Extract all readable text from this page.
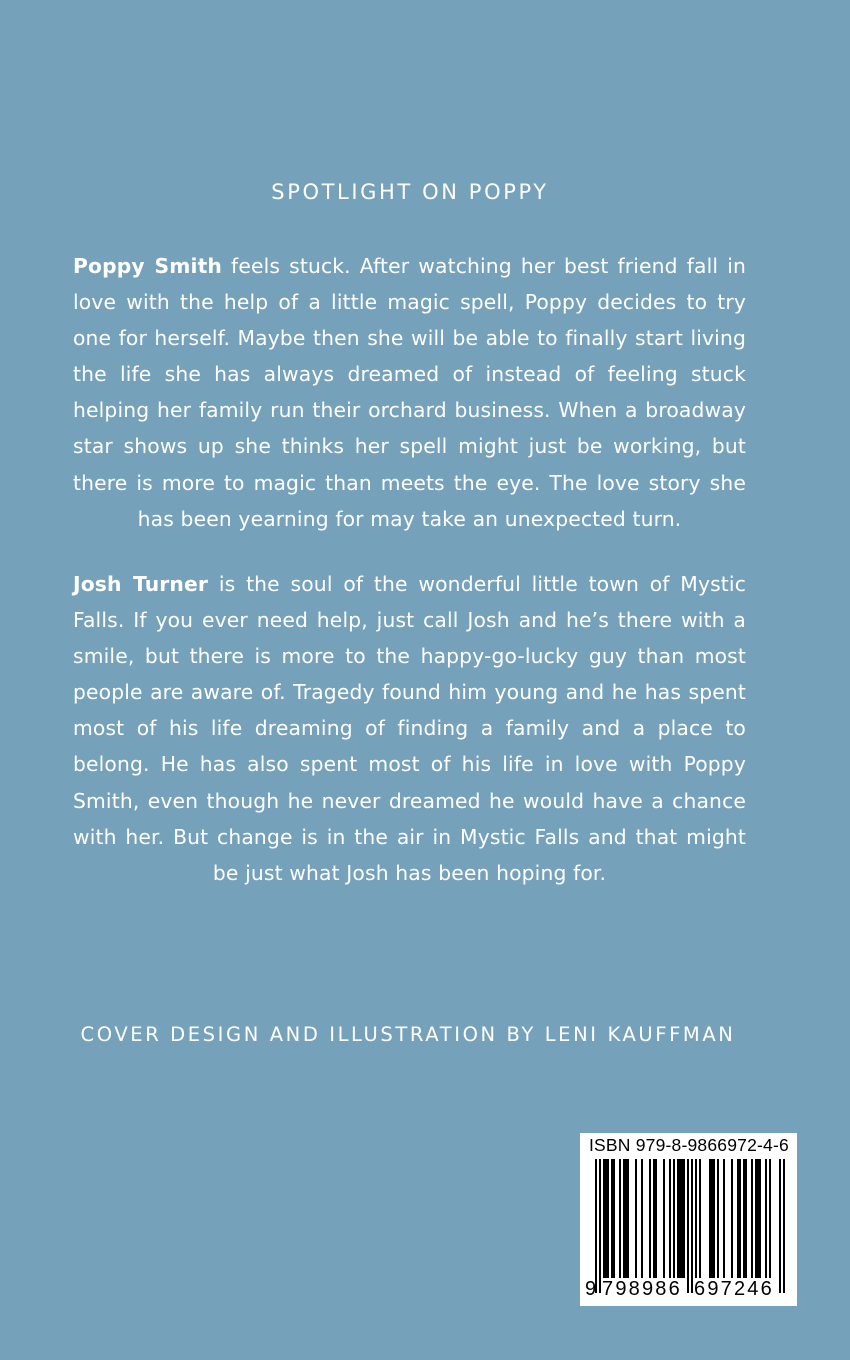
SPOTLIGHT ON POPPY

Poppy Smith feels stuck. After watching her best friend fall in love with the help of a little magic spell, Poppy decides to try one for herself. Maybe then she will be able to finally start living the life she has always dreamed of instead of feeling stuck helping her family run their orchard business. When a broadway star shows up she thinks her spell might just be working, but there is more to magic than meets the eye. The love story she has been yearning for may take an unexpected turn.

Josh Turner is the soul of the wonderful little town of Mystic Falls. If you ever need help, just call Josh and he’s there with a smile, but there is more to the happy-go-lucky guy than most people are aware of. Tragedy found him young and he has spent most of his life dreaming of finding a family and a place to belong. He has also spent most of his life in love with Poppy Smith, even though he never dreamed he would have a chance with her. But change is in the air in Mystic Falls and that might be just what Josh has been hoping for.

COVER DESIGN AND ILLUSTRATION BY LENI KAUFFMAN

ISBN 979-8-9866972-4-6
9 798986 697246
